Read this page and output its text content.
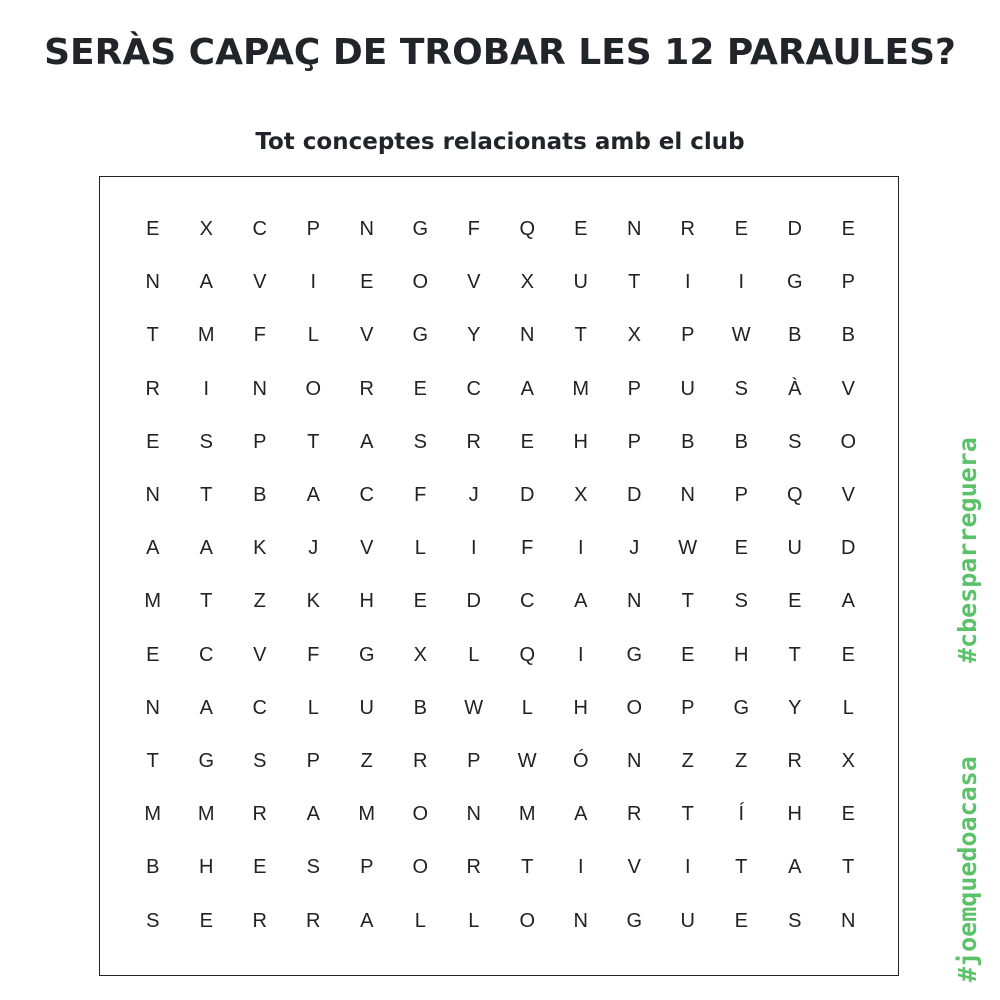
SERÀS CAPAÇ DE TROBAR LES 12 PARAULES?
Tot conceptes relacionats amb el club
E	X	C	P	N	G	F	Q	E	N	R	E	D	E
N	A	V	I	E	O	V	X	U	T	I	I	G	P
T	M	F	L	V	G	Y	N	T	X	P	W	B	B
R	I	N	O	R	E	C	A	M	P	U	S	À	V
E	S	P	T	A	S	R	E	H	P	B	B	S	O
N	T	B	A	C	F	J	D	X	D	N	P	Q	V
A	A	K	J	V	L	I	F	I	J	W	E	U	D
M	T	Z	K	H	E	D	C	A	N	T	S	E	A
E	C	V	F	G	X	L	Q	I	G	E	H	T	E
N	A	C	L	U	B	W	L	H	O	P	G	Y	L
T	G	S	P	Z	R	P	W	Ó	N	Z	Z	R	X
M	M	R	A	M	O	N	M	A	R	T	Í	H	E
B	H	E	S	P	O	R	T	I	V	I	T	A	T
S	E	R	R	A	L	L	O	N	G	U	E	S	N	#joemquedoacasa
#cbesparreguera
